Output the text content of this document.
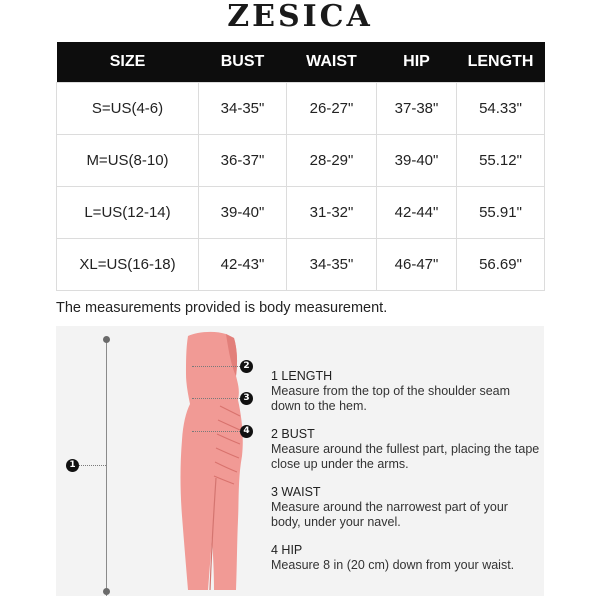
ZESICA
SIZE	BUST	WAIST	HIP	LENGTH
S=US(4-6)	34-35"	26-27"	37-38"	54.33"
M=US(8-10)	36-37"	28-29"	39-40"	55.12"
L=US(12-14)	39-40"	31-32"	42-44"	55.91"
XL=US(16-18)	42-43"	34-35"	46-47"	56.69"
The measurements provided is body measurement.
1
2
3
4
1 LENGTH
Measure from the top of the shoulder seam down to the hem.
2 BUST
Measure around the fullest part, placing the tape close up under the arms.
3 WAIST
Measure around the narrowest part of your body, under your navel.
4 HIP
Measure 8 in (20 cm) down from your waist.
